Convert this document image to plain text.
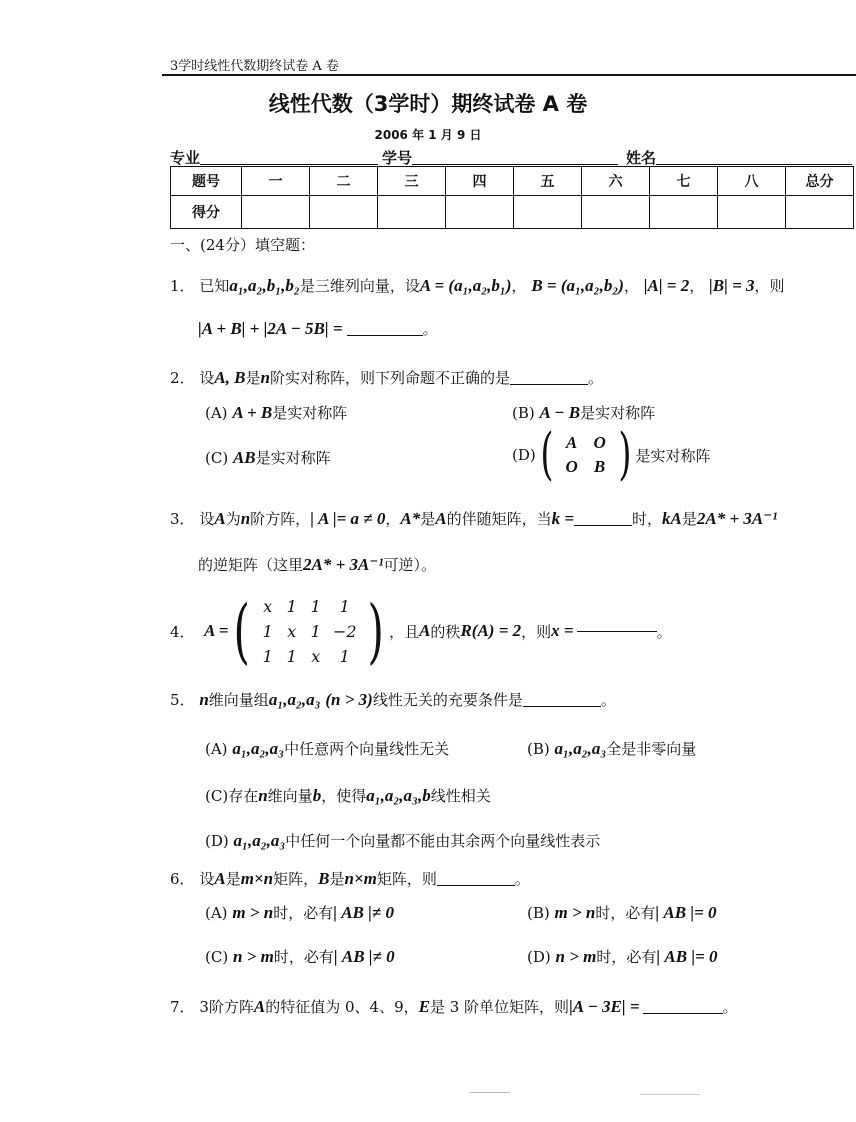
3学时线性代数期终试卷 A 卷
线性代数（3学时）期终试卷 A 卷
2006 年 1 月 9 日
专业	学号	姓名
题号	一	二	三	四	五	六	七	八	总分
得分									
一、(24分）填空题：
1． 已知a₁,a₂,b₁,b₂是三维列向量，设A = (a₁,a₂,b₁)， B = (a₁,a₂,b₂)， |A| = 2， |B| = 3，则
|A + B| + |2A − 5B| =	。
2． 设A, B是n阶实对称阵，则下列命题不正确的是	。
(A) A + B是实对称阵	(B) A − B是实对称阵
(C) AB是实对称阵	(D) ( A O
O B ) 是实对称阵
3． 设A为n阶方阵，| A |= a ≠ 0，A*是A的伴随矩阵，当k =	时，kA是2A* + 3A⁻¹
的逆矩阵（这里2A* + 3A⁻¹可逆）。
4．
A = ( x 1 1	1
1 x 1 −2
1 1 x	1 ) ，且 A 的秩 R(A) = 2 ，则 x =	。
5． n维向量组a₁,a₂,a₃ (n > 3)线性无关的充要条件是	。
(A) a₁,a₂,a₃中任意两个向量线性无关	(B) a₁,a₂,a₃全是非零向量
(C)存在n维向量b，使得a₁,a₂,a₃,b线性相关
(D) a₁,a₂,a₃中任何一个向量都不能由其余两个向量线性表示
6． 设A是m×n矩阵，B是n×m矩阵，则	。
(A) m > n时，必有| AB |≠ 0	(B) m > n时，必有| AB |= 0
(C) n > m时，必有| AB |≠ 0	(D) n > m时，必有| AB |= 0
7． 3阶方阵A的特征值为 0、4、9，E是 3 阶单位矩阵，则|A − 3E| =	。
